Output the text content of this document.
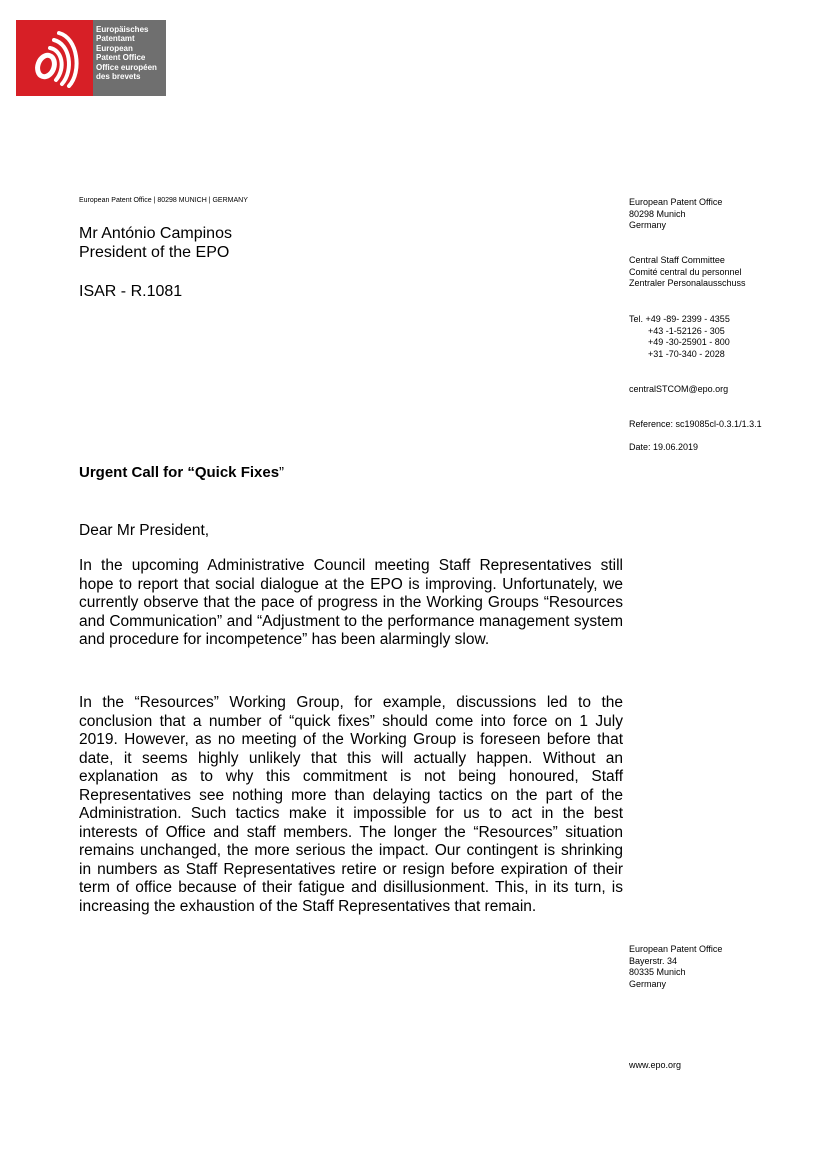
Europäisches
Patentamt
European
Patent Office
Office européen
des brevets
European Patent Office | 80298 MUNICH | GERMANY
Mr António Campinos
President of the EPO
ISAR - R.1081
European Patent Office
80298 Munich
Germany
Central Staff Committee
Comité central du personnel
Zentraler Personalausschuss
Tel. +49 -89- 2399 - 4355
+43 -1-52126 - 305
+49 -30-25901 - 800
+31 -70-340 - 2028
centralSTCOM@epo.org
Reference: sc19085cl-0.3.1/1.3.1
Date: 19.06.2019
European Patent Office
Bayerstr. 34
80335 Munich
Germany
www.epo.org
Urgent Call for “Quick Fixes”
Dear Mr President,

In the upcoming Administrative Council meeting Staff Representatives still hope to report that social dialogue at the EPO is improving. Unfortunately, we currently observe that the pace of progress in the Working Groups “Resources and Communication” and “Adjustment to the performance management system and procedure for incompetence” has been alarmingly slow.

In the “Resources” Working Group, for example, discussions led to the conclusion that a number of “quick fixes” should come into force on 1 July 2019. However, as no meeting of the Working Group is foreseen before that date, it seems highly unlikely that this will actually happen. Without an explanation as to why this commitment is not being honoured, Staff Representatives see nothing more than delaying tactics on the part of the Administration. Such tactics make it impossible for us to act in the best interests of Office and staff members. The longer the “Resources” situation remains unchanged, the more serious the impact. Our contingent is shrinking in numbers as Staff Representatives retire or resign before expiration of their term of office because of their fatigue and disillusionment. This, in its turn, is increasing the exhaustion of the Staff Representatives that remain.
